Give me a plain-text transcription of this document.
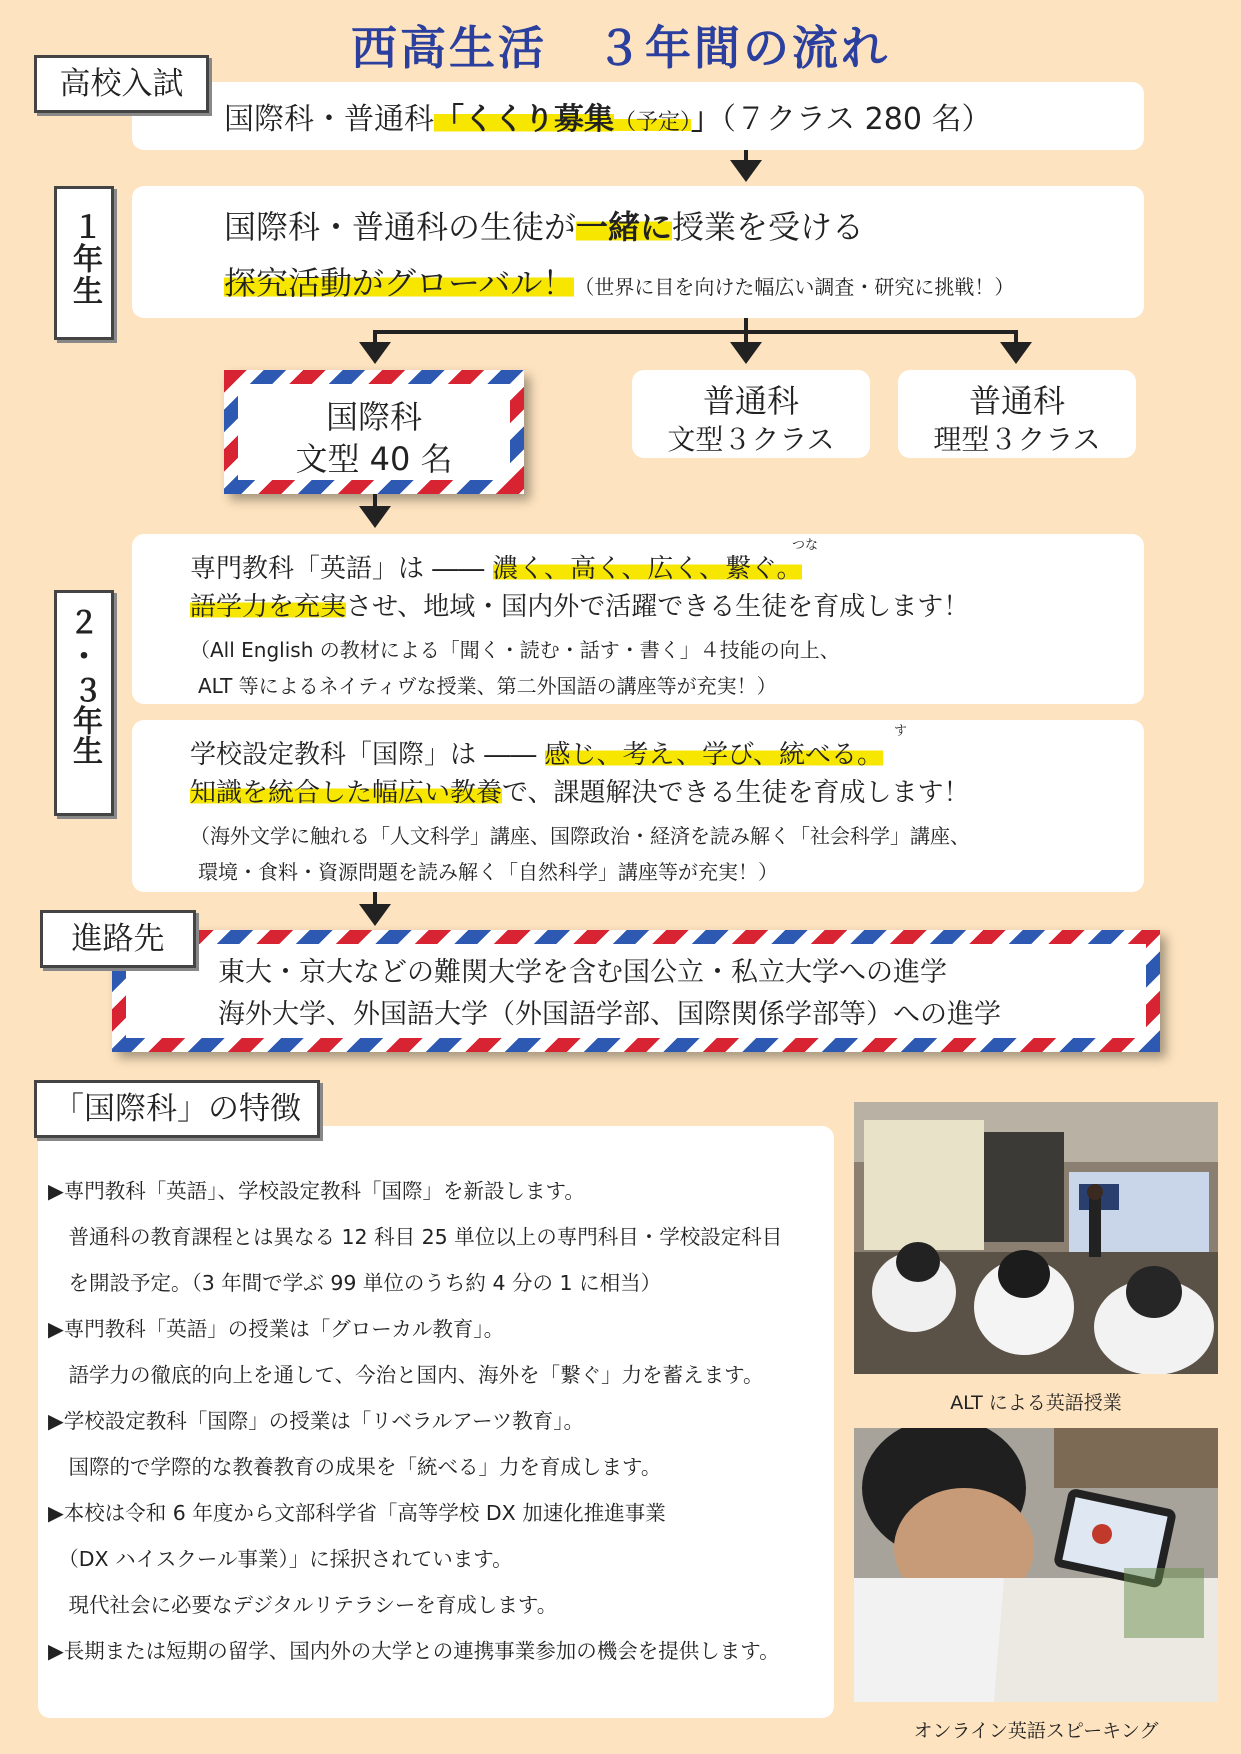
西高生活　３年間の流れ
国際科・普通科「くくり募集（予定）」（７クラス 280 名）
高校入試
国際科・普通科の生徒が一緒に授業を受ける
探究活動がグローバル！（世界に目を向けた幅広い調査・研究に挑戦！）
１年生
国際科
文型 40 名
普通科
文型３クラス
普通科
理型３クラス
つな
専門教科「英語」は ―― 濃く、高く、広く、繋ぐ。
語学力を充実させ、地域・国内外で活躍できる生徒を育成します！
（All English の教材による「聞く・読む・話す・書く」４技能の向上、
ALT 等によるネイティヴな授業、第二外国語の講座等が充実！）
す
学校設定教科「国際」は ―― 感じ、考え、学び、統べる。
知識を統合した幅広い教養で、課題解決できる生徒を育成します！
（海外文学に触れる「人文科学」講座、国際政治・経済を読み解く「社会科学」講座、
環境・食料・資源問題を読み解く「自然科学」講座等が充実！）
２
・
３年生
東大・京大などの難関大学を含む国公立・私立大学への進学
海外大学、外国語大学（外国語学部、国際関係学部等）への進学
進路先
▶専門教科「英語」、学校設定教科「国際」を新設します。
　普通科の教育課程とは異なる 12 科目 25 単位以上の専門科目・学校設定科目
　を開設予定。（3 年間で学ぶ 99 単位のうち約 4 分の 1 に相当）
▶専門教科「英語」の授業は「グローカル教育」。
　語学力の徹底的向上を通して、今治と国内、海外を「繋ぐ」力を蓄えます。
▶学校設定教科「国際」の授業は「リベラルアーツ教育」。
　国際的で学際的な教養教育の成果を「統べる」力を育成します。
▶本校は令和 6 年度から文部科学省「高等学校 DX 加速化推進事業
　（DX ハイスクール事業）」に採択されています。
　現代社会に必要なデジタルリテラシーを育成します。
▶長期または短期の留学、国内外の大学との連携事業参加の機会を提供します。
「国際科」の特徴
ALT による英語授業
オンライン英語スピーキング
